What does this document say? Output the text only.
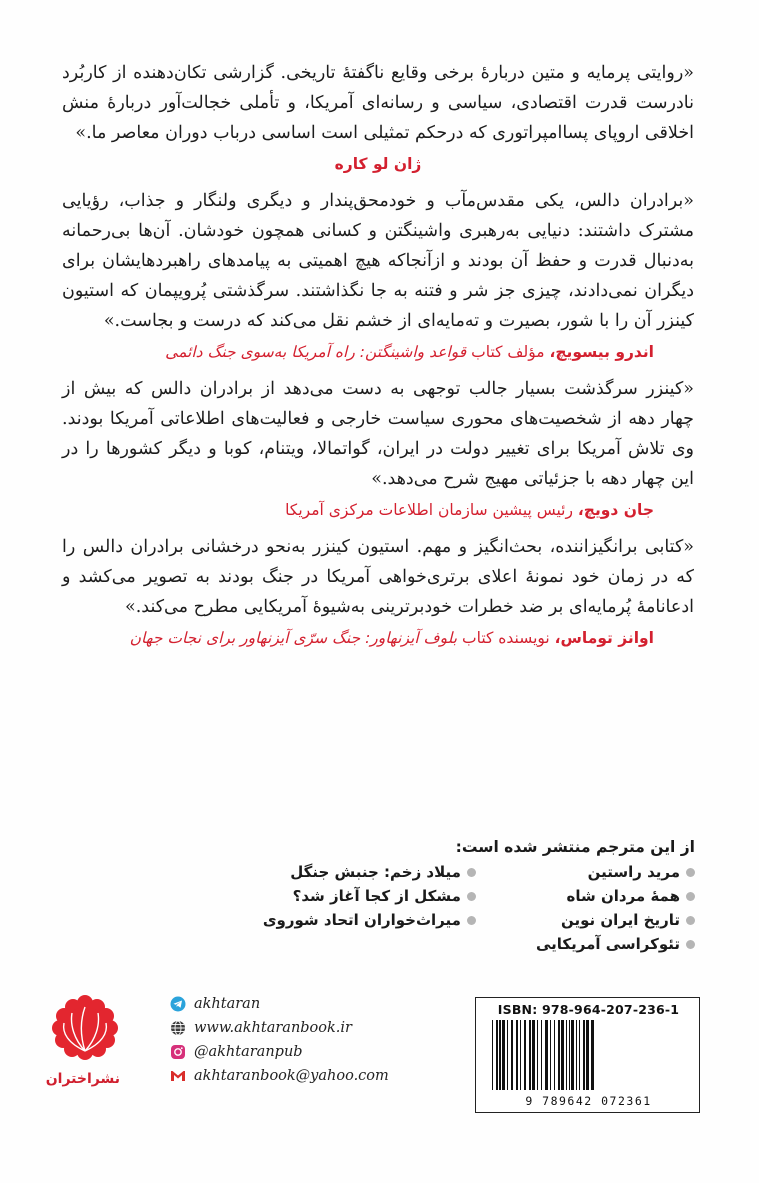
«روایتی پرمایه و متین دربارهٔ برخی وقایع ناگفتهٔ تاریخی. گزارشی تکان‌دهنده از کاربُرد نادرست قدرت اقتصادی، سیاسی و رسانه‌ای آمریکا، و تأملی خجالت‌آور دربارهٔ منش اخلاقی اروپای پسا‌امپراتوری که درحکم تمثیلی است اساسی درباب دوران معاصر ما.»

ژان لو کاره

«برادران دالس، یکی مقدس‌مآب و خودمحق‌پندار و دیگری ولنگار و جذاب، رؤیایی مشترک داشتند: دنیایی به‌رهبری واشینگتن و کسانی همچون خودشان. آن‌ها بی‌رحمانه به‌دنبال قدرت و حفظ آن بودند و ازآنجاکه هیچ اهمیتی به پیامدهای راهبردهایشان برای دیگران نمی‌دادند، چیزی جز شر و فتنه به جا نگذاشتند. سرگذشتی پُرویپمان که استیون کینزر آن را با شور، بصیرت و ته‌مایه‌ای از خشم نقل می‌کند که درست و بجاست.»

اندرو بیسویچ، مؤلف کتاب قواعد واشینگتن: راه آمریکا به‌سوی جنگ دائمی

«کینزر سرگذشت بسیار جالب توجهی به دست می‌دهد از برادران دالس که بیش از چهار دهه از شخصیت‌های محوری سیاست خارجی و فعالیت‌های اطلاعاتی آمریکا بودند. وی تلاش آمریکا برای تغییر دولت در ایران، گواتمالا، ویتنام، کوبا و دیگر کشورها را در این چهار دهه با جزئیاتی مهیج شرح می‌دهد.»

جان دویچ، رئیس پیشین سازمان اطلاعات مرکزی آمریکا

«کتابی برانگیزاننده، بحث‌انگیز و مهم. استیون کینزر به‌نحو درخشانی برادران دالس را که در زمان خود نمونهٔ اعلای برتری‌خواهی آمریکا در جنگ بودند به تصویر می‌کشد و ادعانامهٔ پُرمایه‌ای بر ضد خطرات خودبرترینی به‌شیوهٔ آمریکایی مطرح می‌کند.»

اوانز توماس، نویسنده کتاب بلوف آیزنهاور: جنگ سرّی آیزنهاور برای نجات جهان

از این مترجم منتشر شده است:
مرید راستین
همهٔ مردان شاه
تاریخ ایران نوین
تئوکراسی آمریکایی
میلاد زخم: جنبش جنگل
مشکل از کجا آغاز شد؟
میراث‌خواران اتحاد شوروی
نشراختران
akhtaran
www.akhtaranbook.ir
@akhtaranpub
akhtaranbook@yahoo.com
ISBN: 978-964-207-236-1
9 789642 072361
